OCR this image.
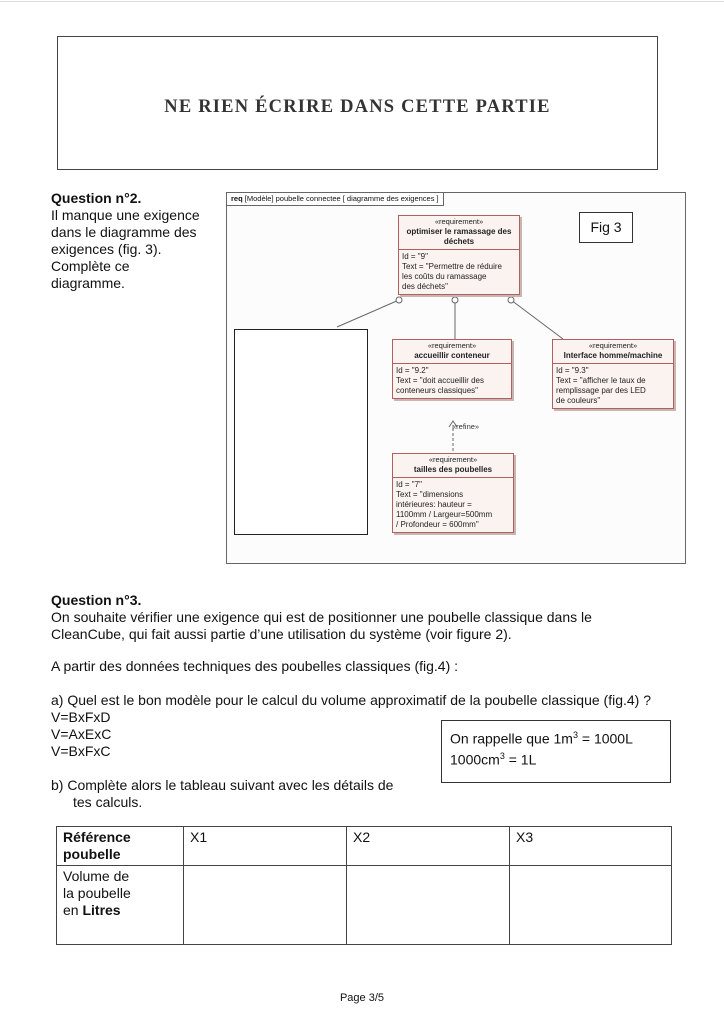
NE RIEN ÉCRIRE DANS CETTE PARTIE
Question n°2.
Il manque une exigence
dans le diagramme des
exigences (fig. 3).
Complète ce
diagramme.
req [Modèle] poubelle connectee [ diagramme des exigences ]
Fig 3
«requirement»
optimiser le ramassage des déchets
Id = "9"
Text = "Permettre de réduire
les coûts du ramassage
des déchets"
«requirement»
accueillir conteneur
Id = "9.2"
Text = "doit accueillir des
conteneurs classiques"
«requirement»
Interface homme/machine
Id = "9.3"
Text = "afficher le taux de
remplissage par des LED
de couleurs"
«refine»
«requirement»
tailles des poubelles
Id = "7"
Text = "dimensions
intérieures: hauteur =
1100mm / Largeur=500mm
/ Profondeur = 600mm"
Question n°3.
On souhaite vérifier une exigence qui est de positionner une poubelle classique dans le
CleanCube, qui fait aussi partie d’une utilisation du système (voir figure 2).
A partir des données techniques des poubelles classiques (fig.4) :
a) Quel est le bon modèle pour le calcul du volume approximatif de la poubelle classique (fig.4) ?
V=BxFxD
V=AxExC
V=BxFxC
On rappelle que $1m^3 = 1000L$
$1000cm^3 = 1L$
b) Complète alors le tableau suivant avec les détails de
tes calculs.
Référence
poubelle	X1	X2	X3
Volume de
la poubelle
en Litres			
Page 3/5
